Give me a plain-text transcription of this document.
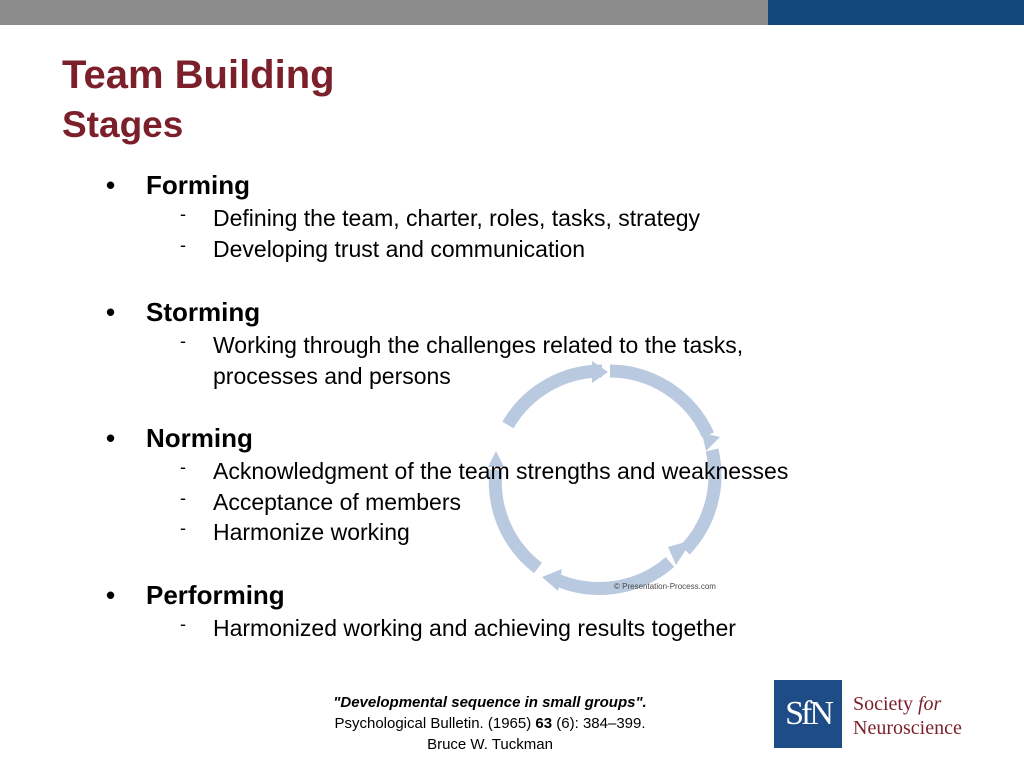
Team Building
Stages
© Presentation-Process.com
•	Forming
- Defining the team, charter, roles, tasks, strategy
- Developing trust and communication
•	Storming
- Working through the challenges related to the tasks,
processes and persons
•	Norming
- Acknowledgment of the team strengths and weaknesses
- Acceptance of members
- Harmonize working
•	Performing
- Harmonized working and achieving results together
"Developmental sequence in small groups".
Psychological Bulletin. (1965) 63 (6): 384–399.
Bruce W. Tuckman
SfN	Society for
Neuroscience
